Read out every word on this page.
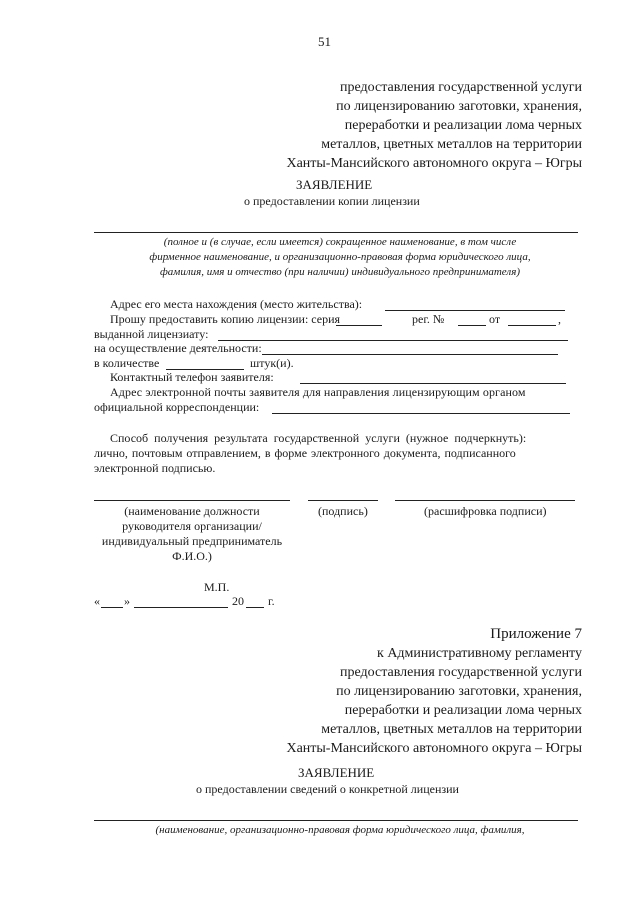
51
предоставления государственной услуги
по лицензированию заготовки, хранения,
переработки и реализации лома черных
металлов, цветных металлов на территории
Ханты-Мансийского автономного округа – Югры
ЗАЯВЛЕНИЕ
о предоставлении копии лицензии
(полное и (в случае, если имеется) сокращенное наименование, в том числе
фирменное наименование, и организационно-правовая форма юридического лица,
фамилия, имя и отчество (при наличии) индивидуального предпринимателя)
Адрес его места нахождения (место жительства):
Прошу предоставить копию лицензии: серия	рег. №	от	,
выданной лицензиату:
на осуществление деятельности:
в количестве	штук(и).
Контактный телефон заявителя:
Адрес электронной почты заявителя для направления лицензирующим органом
официальной корреспонденции:
Способ получения результата государственной услуги (нужное подчеркнуть):
лично, почтовым отправлением, в форме электронного документа, подписанного
электронной подписью.
(наименование должности
руководителя организации/
индивидуальный предприниматель
Ф.И.О.)
(подпись)	(расшифровка подписи)
М.П.
« »	20 г.
Приложение 7
к Административному регламенту
предоставления государственной услуги
по лицензированию заготовки, хранения,
переработки и реализации лома черных
металлов, цветных металлов на территории
Ханты-Мансийского автономного округа – Югры
ЗАЯВЛЕНИЕ
о предоставлении сведений о конкретной лицензии
(наименование, организационно-правовая форма юридического лица, фамилия,
